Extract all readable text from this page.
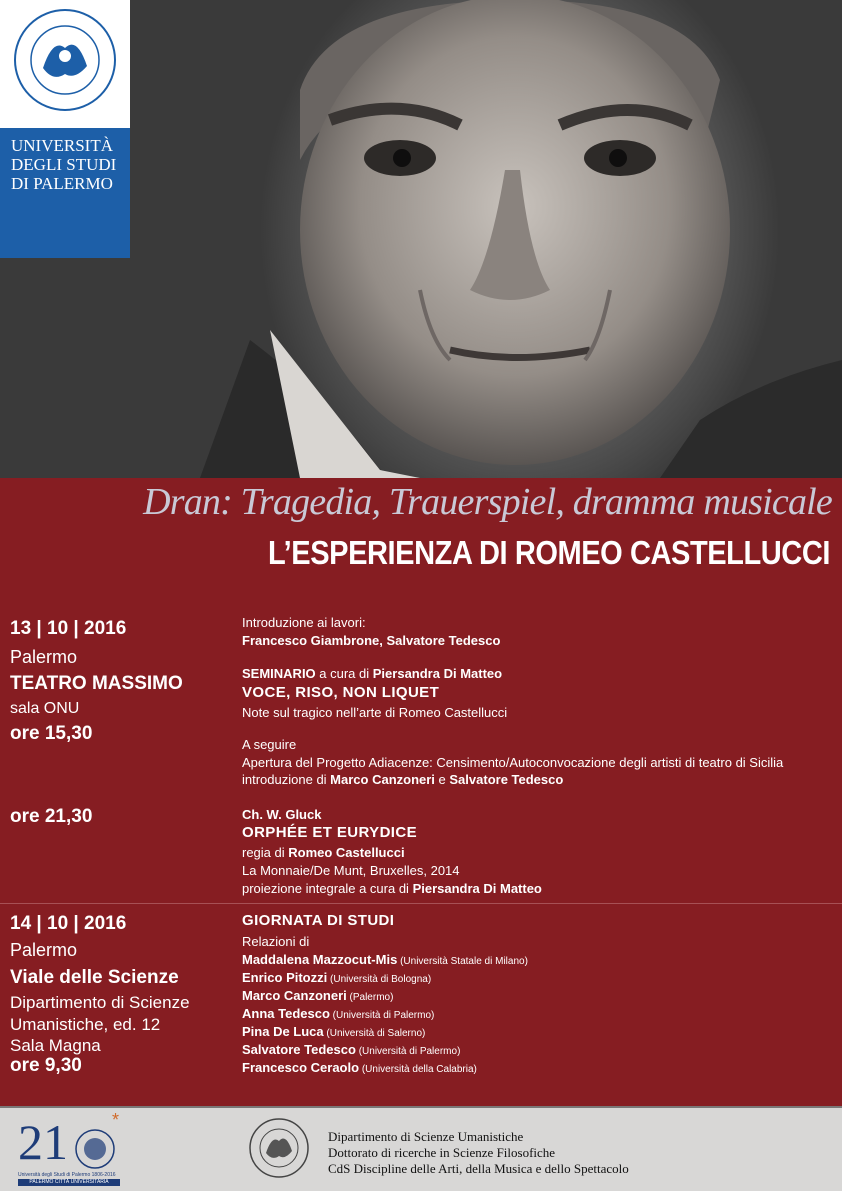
UNIVERSITÀ
DEGLI STUDI
DI PALERMO
Dran: Tragedia, Trauerspiel, dramma musicale
L’ESPERIENZA DI ROMEO CASTELLUCCI
13 | 10 | 2016
Palermo
TEATRO MASSIMO
sala ONU
ore 15,30
ore 21,30
Introduzione ai lavori:
Francesco Giambrone, Salvatore Tedesco
SEMINARIO a cura di Piersandra Di Matteo
VOCE, RISO, NON LIQUET
Note sul tragico nell’arte di Romeo Castellucci
A seguire
Apertura del Progetto Adiacenze: Censimento/Autoconvocazione degli artisti di teatro di Sicilia
introduzione di Marco Canzoneri e Salvatore Tedesco
Ch. W. Gluck
ORPHÉE ET EURYDICE
regia di Romeo Castellucci
La Monnaie/De Munt, Bruxelles, 2014
proiezione integrale a cura di Piersandra Di Matteo
14 | 10 | 2016
Palermo
Viale delle Scienze
Dipartimento di Scienze
Umanistiche, ed. 12
Sala Magna
ore 9,30
GIORNATA DI STUDI
Relazioni di
Maddalena Mazzocut-Mis (Università Statale di Milano)
Enrico Pitozzi (Università di Bologna)
Marco Canzoneri (Palermo)
Anna Tedesco (Università di Palermo)
Pina De Luca (Università di Salerno)
Salvatore Tedesco (Università di Palermo)
Francesco Ceraolo (Università della Calabria)
21 *
Università degli Studi di Palermo 1806-2016
PALERMO CITTÀ UNIVERSITARIA
Dipartimento di Scienze Umanistiche
Dottorato di ricerche in Scienze Filosofiche
CdS Discipline delle Arti, della Musica e dello Spettacolo
